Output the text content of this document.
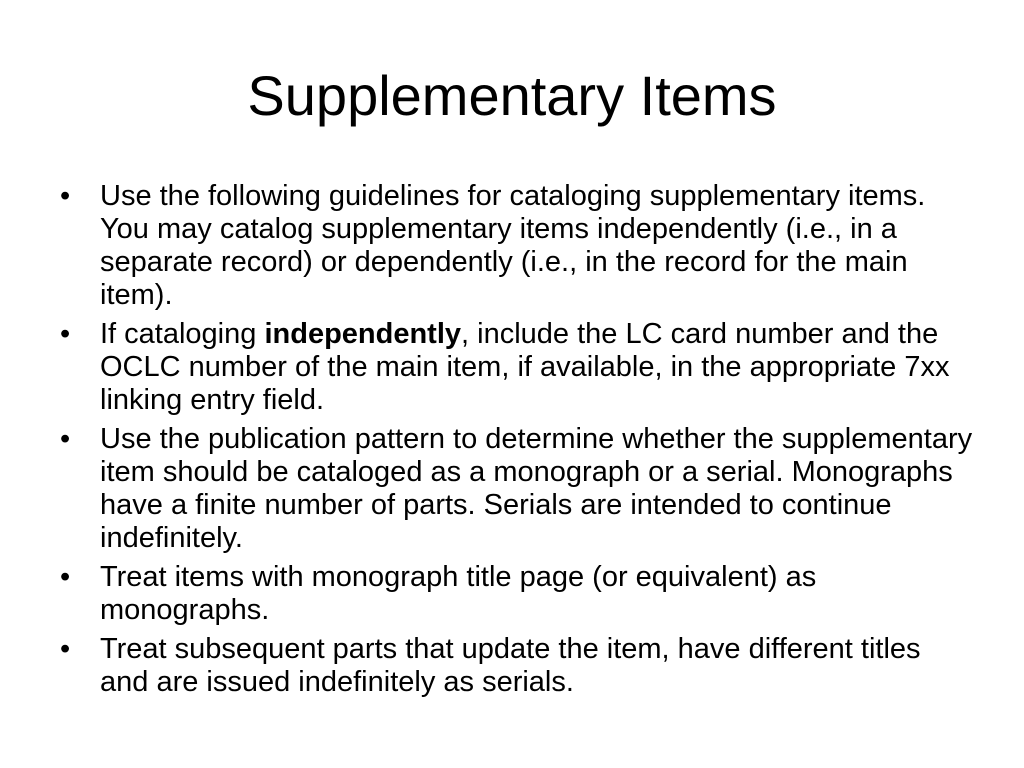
Supplementary Items
•	Use the following guidelines for cataloging supplementary items. You may catalog supplementary items independently (i.e., in a separate record) or dependently (i.e., in the record for the main item).
•	If cataloging independently, include the LC card number and the OCLC number of the main item, if available, in the appropriate 7xx linking entry field.
•	Use the publication pattern to determine whether the supplementary item should be cataloged as a monograph or a serial. Monographs have a finite number of parts. Serials are intended to continue indefinitely.
•	Treat items with monograph title page (or equivalent) as monographs.
•	Treat subsequent parts that update the item, have different titles and are issued indefinitely as serials.
